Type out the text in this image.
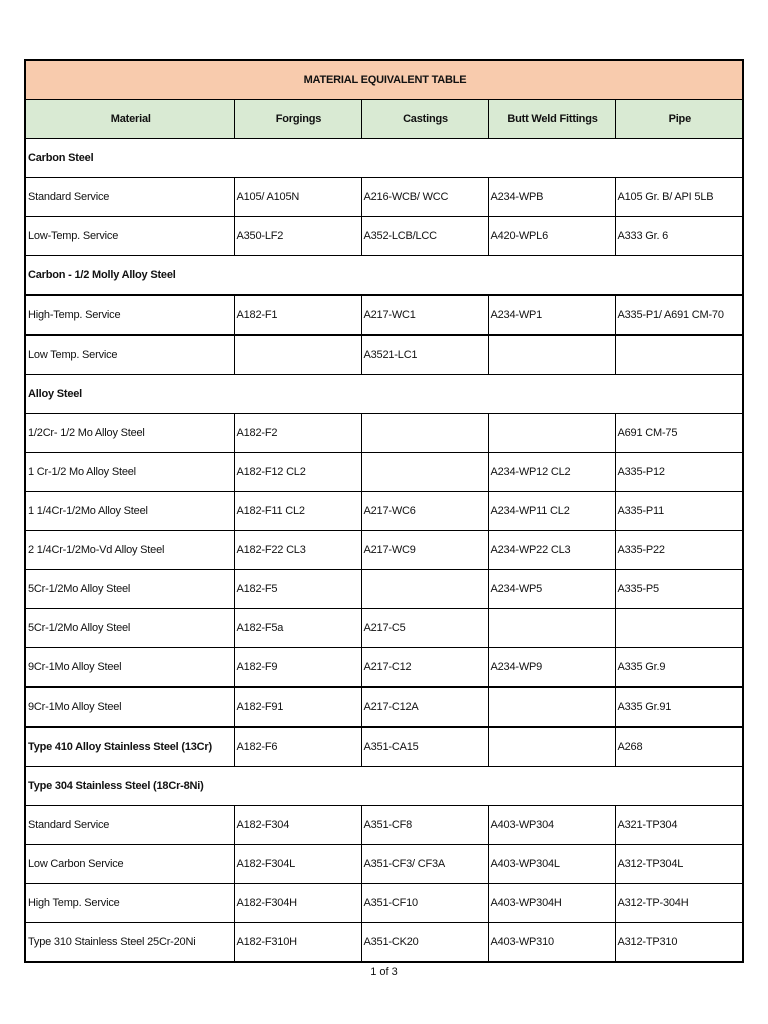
MATERIAL EQUIVALENT TABLE				
Material	Forgings	Castings	Butt Weld Fittings	Pipe
Carbon Steel				
Standard Service	A105/ A105N	A216-WCB/ WCC	A234-WPB	A105 Gr. B/ API 5LB
Low-Temp. Service	A350-LF2	A352-LCB/LCC	A420-WPL6	A333 Gr. 6
Carbon - 1/2 Molly Alloy Steel				
High-Temp. Service	A182-F1	A217-WC1	A234-WP1	A335-P1/ A691 CM-70
Low Temp. Service		A3521-LC1		
Alloy Steel				
1/2Cr- 1/2 Mo Alloy Steel	A182-F2			A691 CM-75
1 Cr-1/2 Mo Alloy Steel	A182-F12 CL2		A234-WP12 CL2	A335-P12
1 1/4Cr-1/2Mo Alloy Steel	A182-F11 CL2	A217-WC6	A234-WP11 CL2	A335-P11
2 1/4Cr-1/2Mo-Vd Alloy Steel	A182-F22 CL3	A217-WC9	A234-WP22 CL3	A335-P22
5Cr-1/2Mo Alloy Steel	A182-F5		A234-WP5	A335-P5
5Cr-1/2Mo Alloy Steel	A182-F5a	A217-C5		
9Cr-1Mo Alloy Steel	A182-F9	A217-C12	A234-WP9	A335 Gr.9
9Cr-1Mo Alloy Steel	A182-F91	A217-C12A		A335 Gr.91
Type 410 Alloy Stainless Steel (13Cr)	A182-F6	A351-CA15		A268
Type 304 Stainless Steel (18Cr-8Ni)				
Standard Service	A182-F304	A351-CF8	A403-WP304	A321-TP304
Low Carbon Service	A182-F304L	A351-CF3/ CF3A	A403-WP304L	A312-TP304L
High Temp. Service	A182-F304H	A351-CF10	A403-WP304H	A312-TP-304H
Type 310 Stainless Steel 25Cr-20Ni	A182-F310H	A351-CK20	A403-WP310	A312-TP310
1 of 3
